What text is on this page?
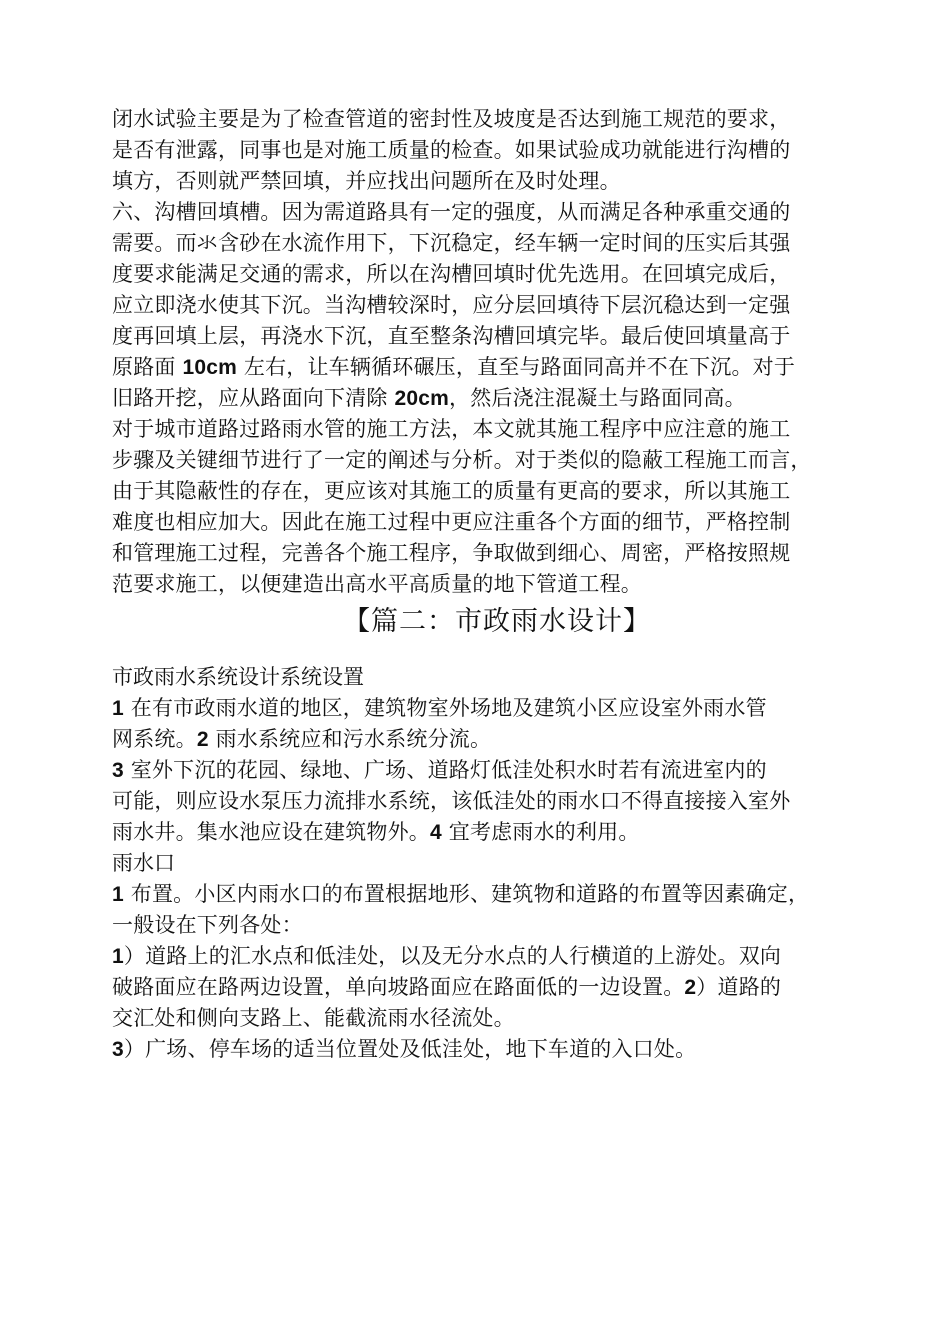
闭水试验主要是为了检查管道的密封性及坡度是否达到施工规范的要求，
是否有泄露，同事也是对施工质量的检查。如果试验成功就能进行沟槽的
填方，否则就严禁回填，并应找出问题所在及时处理。
六、沟槽回填槽。因为需道路具有一定的强度，从而满足各种承重交通的
需要。而氺含砂在水流作用下，下沉稳定，经车辆一定时间的压实后其强
度要求能满足交通的需求，所以在沟槽回填时优先选用。在回填完成后，
应立即浇水使其下沉。当沟槽较深时，应分层回填待下层沉稳达到一定强
度再回填上层，再浇水下沉，直至整条沟槽回填完毕。最后使回填量高于
原路面 10cm 左右，让车辆循环碾压，直至与路面同高并不在下沉。对于
旧路开挖，应从路面向下清除 20cm，然后浇注混凝土与路面同高。
对于城市道路过路雨水管的施工方法，本文就其施工程序中应注意的施工
步骤及关键细节进行了一定的阐述与分析。对于类似的隐蔽工程施工而言，
由于其隐蔽性的存在，更应该对其施工的质量有更高的要求，所以其施工
难度也相应加大。因此在施工过程中更应注重各个方面的细节，严格控制
和管理施工过程，完善各个施工程序，争取做到细心、周密，严格按照规
范要求施工，以便建造出高水平高质量的地下管道工程。
【篇二：市政雨水设计】
市政雨水系统设计系统设置
1 在有市政雨水道的地区，建筑物室外场地及建筑小区应设室外雨水管
网系统。2 雨水系统应和污水系统分流。
3 室外下沉的花园、绿地、广场、道路灯低洼处积水时若有流进室内的
可能，则应设水泵压力流排水系统，该低洼处的雨水口不得直接接入室外
雨水井。集水池应设在建筑物外。4 宜考虑雨水的利用。
雨水口
1 布置。小区内雨水口的布置根据地形、建筑物和道路的布置等因素确定，
一般设在下列各处：
1）道路上的汇水点和低洼处，以及无分水点的人行横道的上游处。双向
破路面应在路两边设置，单向坡路面应在路面低的一边设置。2）道路的
交汇处和侧向支路上、能截流雨水径流处。
3）广场、停车场的适当位置处及低洼处，地下车道的入口处。
